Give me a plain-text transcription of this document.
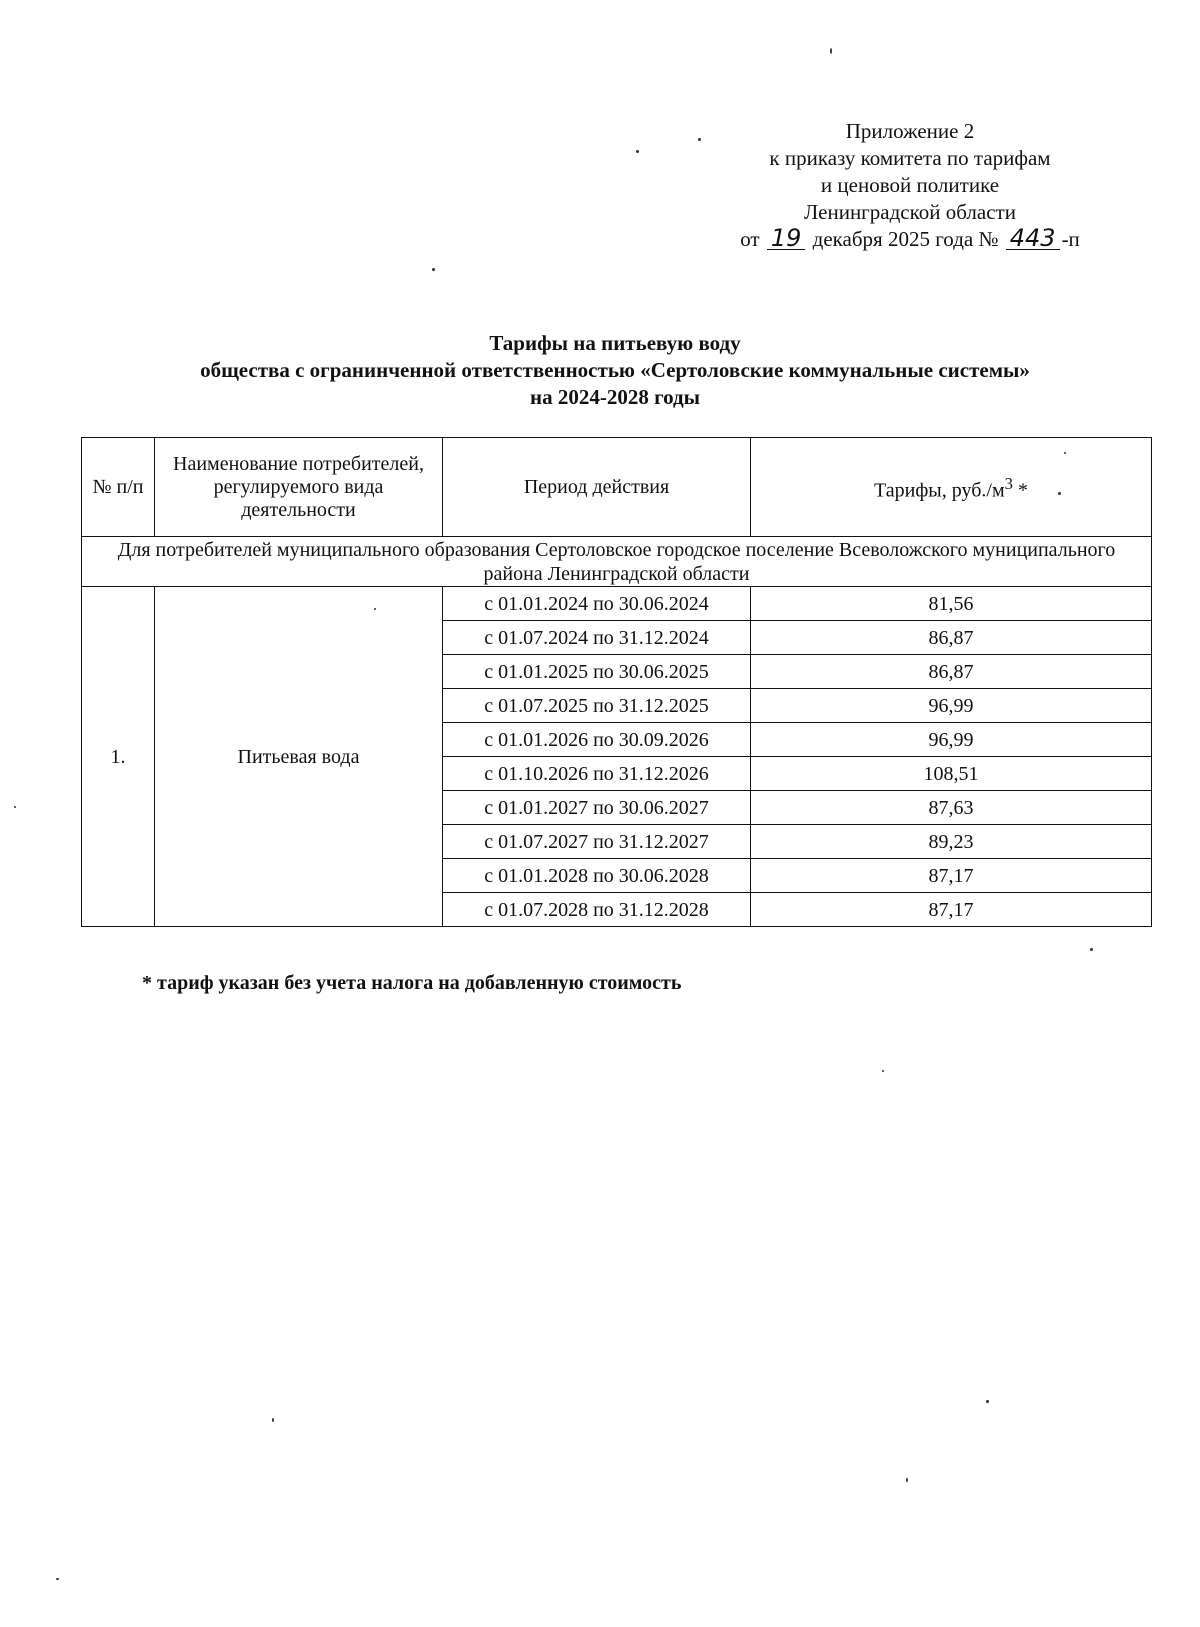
Приложение 2
к приказу комитета по тарифам
и ценовой политике
Ленинградской области
от 19 декабря 2025 года № 443 -п
Тарифы на питьевую воду
общества с огранинченной ответственностью «Сертоловские коммунальные системы»
на 2024-2028 годы
№ п/п	Наименование потребителей, регулируемого вида деятельности	Период действия	Тарифы, $руб./м^3$ *
Для потребителей муниципального образования Сертоловское городское поселение Всеволожского муниципального района Ленинградской области			
1.	Питьевая вода	с 01.01.2024 по 30.06.2024	81,56
		с 01.07.2024 по 31.12.2024	86,87
		с 01.01.2025 по 30.06.2025	86,87
		с 01.07.2025 по 31.12.2025	96,99
		с 01.01.2026 по 30.09.2026	96,99
		с 01.10.2026 по 31.12.2026	108,51
		с 01.01.2027 по 30.06.2027	87,63
		с 01.07.2027 по 31.12.2027	89,23
		с 01.01.2028 по 30.06.2028	87,17
		с 01.07.2028 по 31.12.2028	87,17
* тариф указан без учета налога на добавленную стоимость
